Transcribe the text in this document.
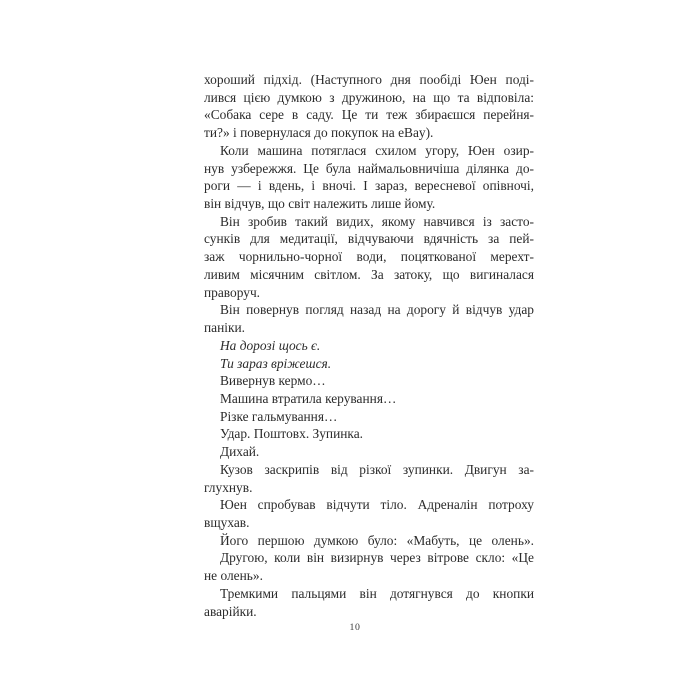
хороший підхід. (Наступного дня пообіді Юен поді-
лився цією думкою з дружиною, на що та відповіла:
«Собака сере в саду. Це ти теж збираєшся перейня-
ти?» і повернулася до покупок на eBay).
Коли машина потяглася схилом угору, Юен озир-
нув узбережжя. Це була наймальовничіша ділянка до-
роги — і вдень, і вночі. І зараз, вересневої опівночі,
він відчув, що світ належить лише йому.
Він зробив такий видих, якому навчився із засто-
сунків для медитації, відчуваючи вдячність за пей-
заж чорнильно-чорної води, поцяткованої мерехт-
ливим місячним світлом. За затоку, що вигиналася
праворуч.
Він повернув погляд назад на дорогу й відчув удар
паніки.
На дорозі щось є.
Ти зараз вріжешся.
Вивернув кермо…
Машина втратила керування…
Різке гальмування…
Удар. Поштовх. Зупинка.
Дихай.
Кузов заскрипів від різкої зупинки. Двигун за-
глухнув.
Юен спробував відчути тіло. Адреналін потроху
вщухав.
Його першою думкою було: «Мабуть, це олень».
Другою, коли він визирнув через вітрове скло: «Це
не олень».
Тремкими пальцями він дотягнувся до кнопки
аварійки.
10
